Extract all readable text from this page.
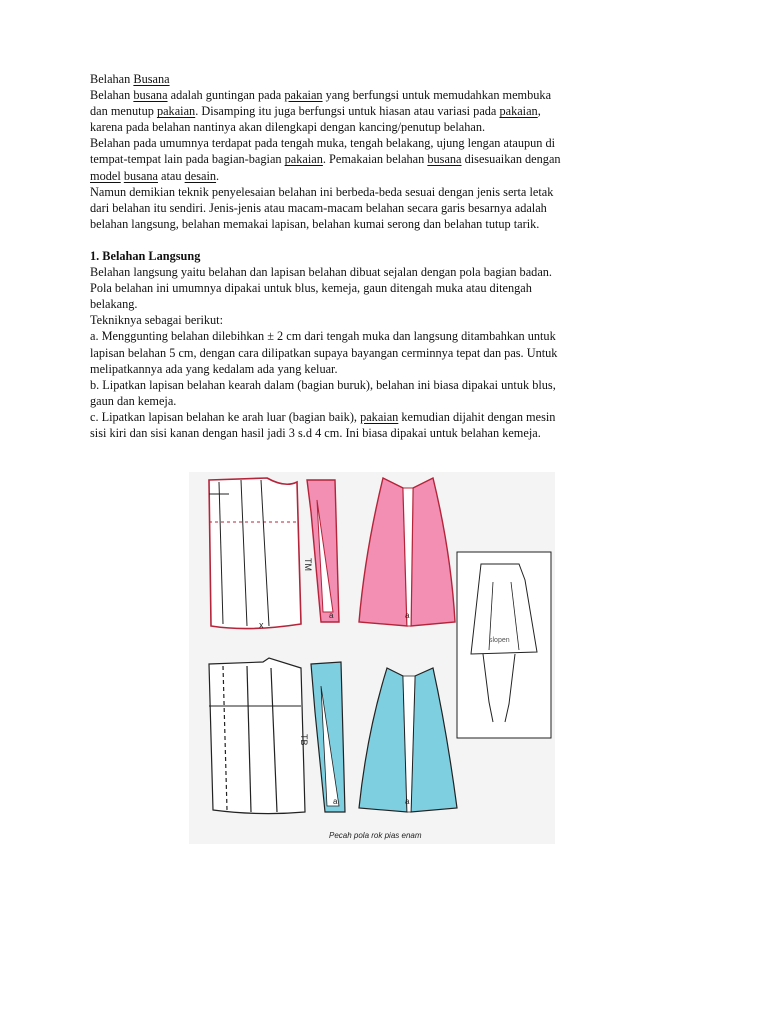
Belahan Busana

Belahan busana adalah guntingan pada pakaian yang berfungsi untuk memudahkan membuka
dan menutup pakaian. Disamping itu juga berfungsi untuk hiasan atau variasi pada pakaian,
karena pada belahan nantinya akan dilengkapi dengan kancing/penutup belahan.

Belahan pada umumnya terdapat pada tengah muka, tengah belakang, ujung lengan ataupun di
tempat-tempat lain pada bagian-bagian pakaian. Pemakaian belahan busana disesuaikan dengan
model busana atau desain.

Namun demikian teknik penyelesaian belahan ini berbeda-beda sesuai dengan jenis serta letak
dari belahan itu sendiri. Jenis-jenis atau macam-macam belahan secara garis besarnya adalah
belahan langsung, belahan memakai lapisan, belahan kumai serong dan belahan tutup tarik.

1. Belahan Langsung

Belahan langsung yaitu belahan dan lapisan belahan dibuat sejalan dengan pola bagian badan.
Pola belahan ini umumnya dipakai untuk blus, kemeja, gaun ditengah muka atau ditengah
belakang.

Tekniknya sebagai berikut:

a. Menggunting belahan dilebihkan ± 2 cm dari tengah muka dan langsung ditambahkan untuk
lapisan belahan 5 cm, dengan cara dilipatkan supaya bayangan cerminnya tepat dan pas. Untuk
melipatkannya ada yang kedalam ada yang keluar.

b. Lipatkan lapisan belahan kearah dalam (bagian buruk), belahan ini biasa dipakai untuk blus,
gaun dan kemeja.

c. Lipatkan lapisan belahan ke arah luar (bagian baik), pakaian kemudian dijahit dengan mesin
sisi kiri dan sisi kanan dengan hasil jadi 3 s.d 4 cm. Ini biasa dipakai untuk belahan kemeja.

TM
TB
x
a	a
a	a
slopen
Pecah pola rok pias enam
